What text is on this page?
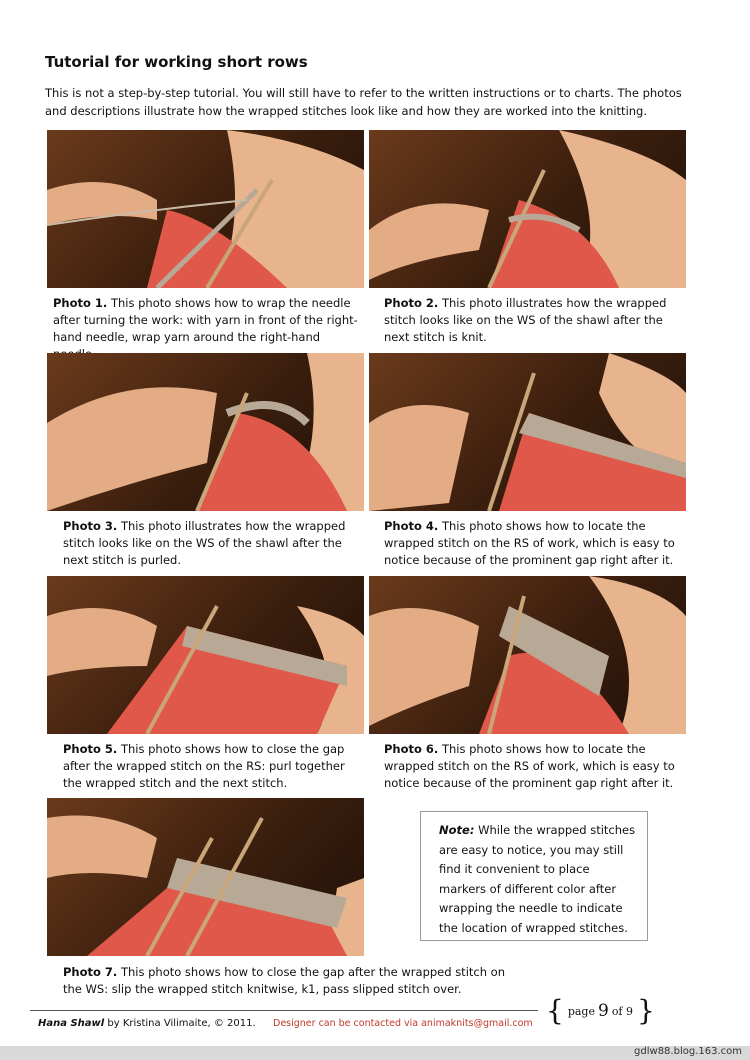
Tutorial for working short rows
This is not a step-by-step tutorial. You will still have to refer to the written instructions or to charts. The photos and descriptions illustrate how the wrapped stitches look like and how they are worked into the knitting.
Photo 1. This photo shows how to wrap the needle after turning the work: with yarn in front of the right-hand needle, wrap yarn around the right-hand
Photo 2. This photo illustrates how the wrapped stitch looks like on the WS of the shawl after the next stitch is knit.
Photo 3. This photo illustrates how the wrapped stitch looks like on the WS of the shawl after the next stitch is purled.
Photo 4. This photo shows how to locate the wrapped stitch on the RS of work, which is easy to notice because of the prominent gap right after it.
Photo 5. This photo shows how to close the gap after the wrapped stitch on the RS: purl together the wrapped stitch and the next stitch.
Photo 6. This photo shows how to locate the wrapped stitch on the RS of work, which is easy to notice because of the prominent gap right after it.
Photo 7. This photo shows how to close the gap after the wrapped stitch on the WS: slip the wrapped stitch knitwise, k1, pass slipped stitch over.
Note: While the wrapped stitches are easy to notice, you may still find it convenient to place markers of different color after wrapping the needle to indicate the location of wrapped stitches.
Hana Shawl by Kristina Vilimaite, © 2011. Designer can be contacted via animaknits@gmail.com { page 9 of 9 }
gdlw88.blog.163.com
